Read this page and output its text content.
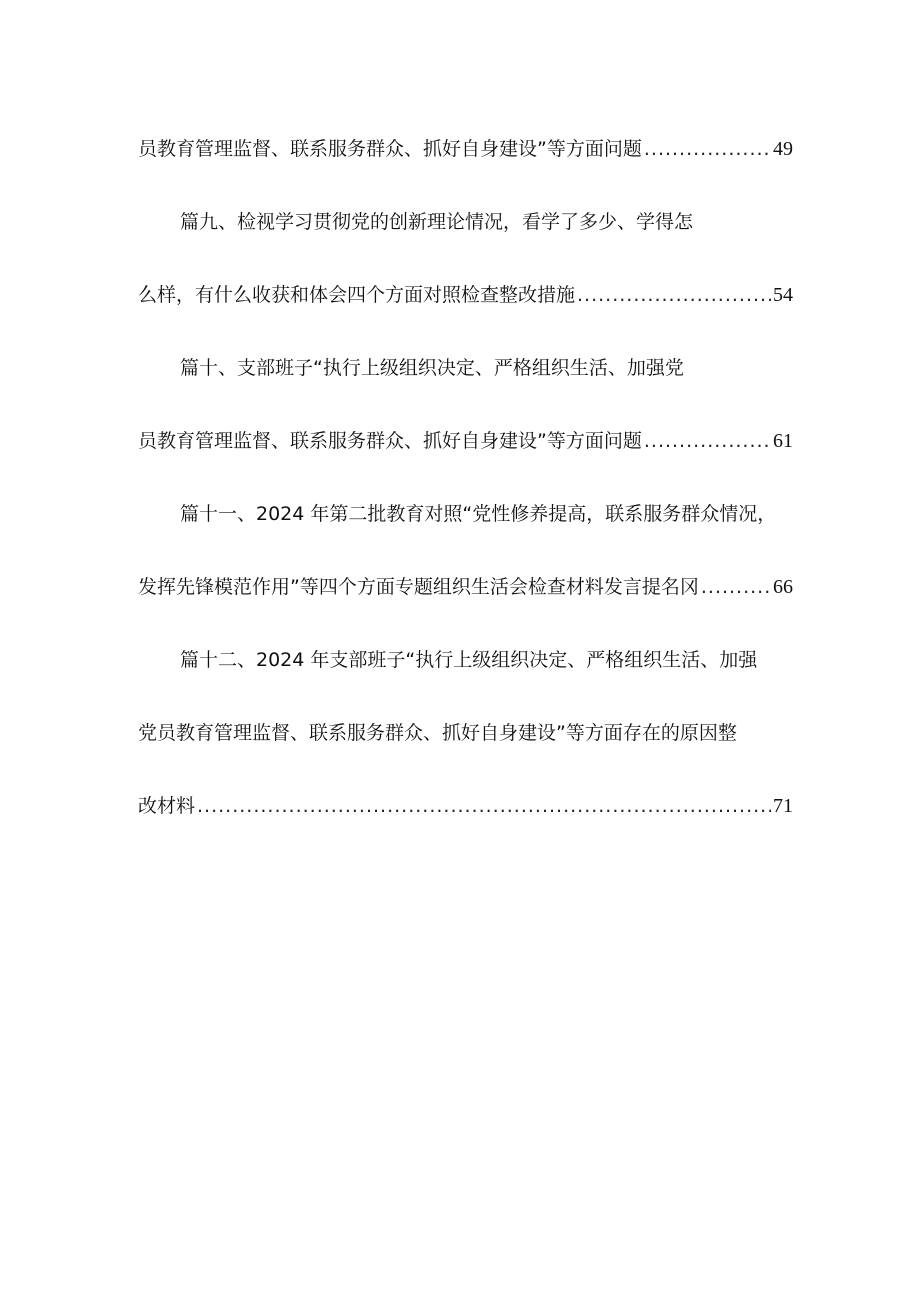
员教育管理监督、联系服务群众、抓好自身建设”等方面问题 .....	49
篇九、检视学习贯彻党的创新理论情况，看学了多少、学得怎
么样，有什么收获和体会四个方面对照检查整改措施 .....	54
篇十、支部班子“执行上级组织决定、严格组织生活、加强党
员教育管理监督、联系服务群众、抓好自身建设”等方面问题 .....	61
篇十一、2024 年第二批教育对照“党性修养提高，联系服务群众情况，
发挥先锋模范作用”等四个方面专题组织生活会检查材料发言提名冈 .....	66
篇十二、2024 年支部班子“执行上级组织决定、严格组织生活、加强
党员教育管理监督、联系服务群众、抓好自身建设”等方面存在的原因整
改材料 .....	71
